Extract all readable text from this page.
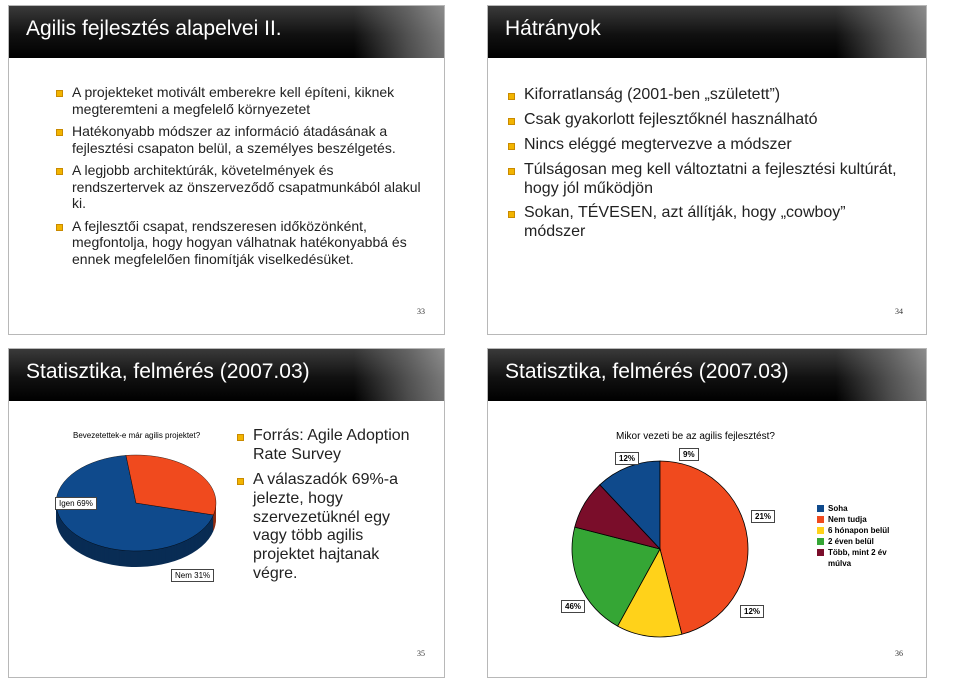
Agilis fejlesztés alapelvei II.
A projekteket motivált emberekre kell építeni, kiknek megteremteni a megfelelő környezetet
Hatékonyabb módszer az információ átadásának a fejlesztési csapaton belül, a személyes beszélgetés.
A legjobb architektúrák, követelmények és rendszertervek az önszerveződő csapatmunkából alakul ki.
A fejlesztői csapat, rendszeresen időközönként, megfontolja, hogy hogyan válhatnak hatékonyabbá és ennek megfelelően finomítják viselkedésüket.
33
Hátrányok
Kiforratlanság (2001-ben „született”)
Csak gyakorlott fejlesztőknél használható
Nincs eléggé megtervezve a módszer
Túlságosan meg kell változtatni a fejlesztési kultúrát, hogy jól működjön
Sokan, TÉVESEN, azt állítják, hogy „cowboy” módszer
34
Statisztika, felmérés (2007.03)
Bevezetettek-e már agilis projektet?
Igen 69%
Nem 31%
Forrás: Agile Adoption Rate Survey
A válaszadók 69%-a jelezte, hogy szervezetüknél egy vagy több agilis projektet hajtanak végre.
35
Statisztika, felmérés (2007.03)
Mikor vezeti be az agilis fejlesztést?
12%	9%
21%
46%
12%
Soha
Nem tudja
6 hónapon belül
2 éven belül
Több, mint 2 év múlva
36
